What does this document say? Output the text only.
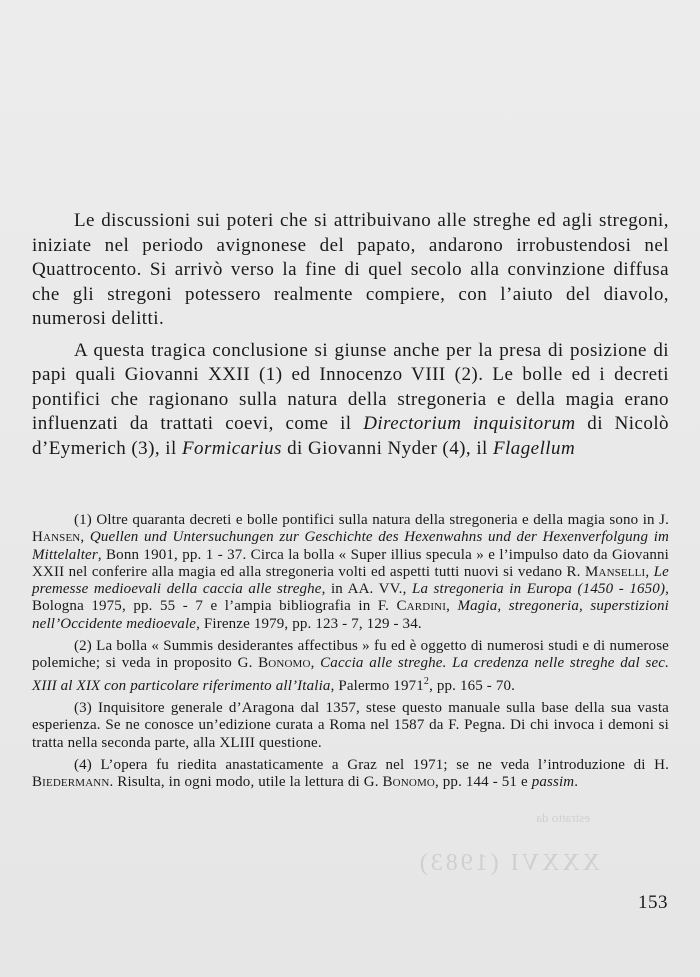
Le discussioni sui poteri che si attribuivano alle streghe ed agli stregoni, iniziate nel periodo avignonese del papato, andarono irrobustendosi nel Quattrocento. Si arrivò verso la fine di quel secolo alla convinzione diffusa che gli stregoni potessero realmente compiere, con l’aiuto del diavolo, numerosi delitti.

A questa tragica conclusione si giunse anche per la presa di posizione di papi quali Giovanni XXII (1) ed Innocenzo VIII (2). Le bolle ed i decreti pontifici che ragionano sulla natura della stregoneria e della magia erano influenzati da trattati coevi, come il Directorium inquisitorum di Nicolò d’Eymerich (3), il Formicarius di Giovanni Nyder (4), il Flagellum

(1) Oltre quaranta decreti e bolle pontifici sulla natura della stregoneria e della magia sono in J. Hansen, Quellen und Untersuchungen zur Geschichte des Hexenwahns und der Hexenverfolgung im Mittelalter, Bonn 1901, pp. 1 - 37. Circa la bolla « Super illius specula » e l’impulso dato da Giovanni XXII nel conferire alla magia ed alla stregoneria volti ed aspetti tutti nuovi si vedano R. Manselli, Le premesse medioevali della caccia alle streghe, in AA. VV., La stregoneria in Europa (1450 - 1650), Bologna 1975, pp. 55 - 7 e l’ampia bibliografia in F. Cardini, Magia, stregoneria, superstizioni nell’Occidente medioevale, Firenze 1979, pp. 123 - 7, 129 - 34.

(2) La bolla « Summis desiderantes affectibus » fu ed è oggetto di numerosi studi e di numerose polemiche; si veda in proposito G. Bonomo, Caccia alle streghe. La credenza nelle streghe dal sec. XIII al XIX con particolare riferimento all’Italia, Palermo 1971$^2$, pp. 165 - 70.

(3) Inquisitore generale d’Aragona dal 1357, stese questo manuale sulla base della sua vasta esperienza. Se ne conosce un’edizione curata a Roma nel 1587 da F. Pegna. Di chi invoca i demoni si tratta nella seconda parte, alla XLIII questione.

(4) L’opera fu riedita anastaticamente a Graz nel 1971; se ne veda l’introduzione di H. Biedermann. Risulta, in ogni modo, utile la lettura di G. Bonomo, pp. 144 - 51 e passim.

estratto da
XXXVI (1983)
153
